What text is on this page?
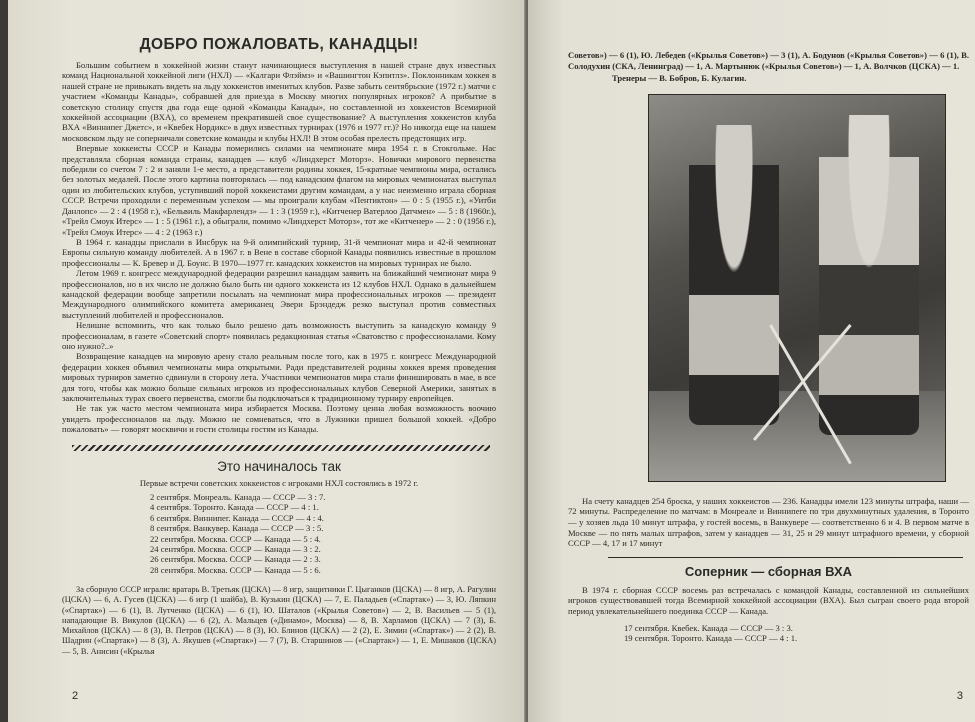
ДОБРО ПОЖАЛОВАТЬ, КАНАДЦЫ!

Большим событием в хоккейной жизни станут начинающиеся выступления в нашей стране двух известных команд Национальной хоккейной лиги (НХЛ) — «Калгари Флэймз» и «Вашингтон Кэпитлз». Поклонникам хоккея в нашей стране не привыкать видеть на льду хоккеистов именитых клубов. Разве забыть сентябрьские (1972 г.) матчи с участием «Команды Канады», собравшей для приезда в Москву многих популярных игроков? А прибытие в советскую столицу спустя два года еще одной «Команды Канады», но составленной из хоккеистов Всемирной хоккейной ассоциации (ВХА), со временем прекратившей свое существование? А выступления хоккеистов клуба ВХА «Виннипег Джетс», и «Квебек Нордикс» в двух известных турнирах (1976 и 1977 гг.)? Но никогда еще на нашем московском льду не соперничали советские команды и клубы НХЛ! В этом особая прелесть предстоящих игр.

Впервые хоккеисты СССР и Канады померились силами на чемпионате мира 1954 г. в Стокгольме. Нас представляла сборная команда страны, канадцев — клуб «Линдхерст Моторз». Новички мирового первенства победили со счетом 7 : 2 и заняли 1-е место, а представители родины хоккея, 15-кратные чемпионы мира, остались без золотых медалей. После этого картина повторялась — под канадским флагом на мировых чемпионатах выступал один из любительских клубов, уступивший порой хоккеистами другим командам, а у нас неизменно играла сборная СССР. Встречи проходили с переменным успехом — мы проиграли клубам «Пентиктон» — 0 : 5 (1955 г.), «Уитби Данлопс» — 2 : 4 (1958 г.), «Бельвиль Макфарлендз» — 1 : 3 (1959 г.), «Китченер Ватерлоо Датчмен» — 5 : 8 (1960г.), «Трейл Смоук Итерс» — 1 : 5 (1961 г.), а обыграли, помимо «Линдхерст Моторз», тот же «Китченер» — 2 : 0 (1956 г.), «Трейл Смоук Итерс» — 4 : 2 (1963 г.)

В 1964 г. канадцы прислали в Инсбрук на 9-й олимпийский турнир, 31-й чемпионат мира и 42-й чемпионат Европы сильную команду любителей. А в 1967 г. в Вене в составе сборной Канады появились известные в прошлом профессионалы — К. Бревер и Д. Боунс. В 1970—1977 гг. канадских хоккеистов на мировых турнирах не было.

Летом 1969 г. конгресс международной федерации разрешил канадцам заявить на ближайший чемпионат мира 9 профессионалов, но в их число не должно было быть ни одного хоккеиста из 12 клубов НХЛ. Однако в дальнейшем канадской федерации вообще запретили посылать на чемпионат мира профессиональных игроков — президент Международного олимпийского комитета американец Эвери Брэндедж резко выступал против совместных выступлений любителей и профессионалов.

Нелишне вспомнить, что как только было решено дать возможность выступить за канадскую команду 9 профессионалам, в газете «Советский спорт» появилась редакционная статья «Сватовство с профессионалами. Кому оно нужно?..»

Возвращение канадцев на мировую арену стало реальным после того, как в 1975 г. конгресс Международной федерации хоккея объявил чемпионаты мира открытыми. Ради представителей родины хоккея время проведения мировых турниров заметно сдвинули в сторону лета. Участники чемпионатов мира стали финишировать в мае, в все для того, чтобы как можно больше сильных игроков из профессиональных клубов Северной Америки, занятых в заключительных турах своего первенства, смогли бы подключаться к традиционному турниру европейцев.

Не так уж часто местом чемпионата мира избирается Москва. Поэтому ценна любая возможность воочию увидеть профессионалов на льду. Можно не сомневаться, что в Лужники пришел большой хоккей. «Добро пожаловать» — говорят москвичи и гости столицы гостям из Канады.

Это начиналось так

Первые встречи советских хоккеистов с игроками НХЛ состоялись в 1972 г.

2 сентября. Монреаль. Канада — СССР — 3 : 7.
4 сентября. Торонто. Канада — СССР — 4 : 1.
6 сентября. Виннипег. Канада — СССР — 4 : 4.
8 сентября. Ванкувер. Канада — СССР — 3 : 5.
22 сентября. Москва. СССР — Канада — 5 : 4.
24 сентября. Москва. СССР — Канада — 3 : 2.
26 сентября. Москва. СССР — Канада — 2 : 3.
28 сентября. Москва. СССР — Канада — 5 : 6.

За сборную СССР играли: вратарь В. Третьяк (ЦСКА) — 8 игр, защитники Г. Цыганков (ЦСКА) — 8 игр, А. Рагулин (ЦСКА) — 6, А. Гусев (ЦСКА) — 6 игр (1 шайба), В. Кузькин (ЦСКА) — 7, Е. Паладьев («Спартак») — 3, Ю. Ляпкин («Спартак») — 6 (1), В. Лутченко (ЦСКА) — 6 (1), Ю. Шаталов («Крылья Советов») — 2, В. Васильев — 5 (1), нападающие В. Викулов (ЦСКА) — 6 (2), А. Мальцев («Динамо», Москва) — 8, В. Харламов (ЦСКА) — 7 (3), Б. Михайлов (ЦСКА) — 8 (3), В. Петров (ЦСКА) — 8 (3), Ю. Блинов (ЦСКА) — 2 (2), Е. Зимин («Спартак») — 2 (2), В. Шадрин («Спартак») — 8 (3), А. Якушев («Спартак») — 7 (7), В. Старшинов — («Спартак») — 1, Е. Мишаков (ЦСКА) — 5, В. Анисин («Крылья

2

Советов») — 6 (1), Ю. Лебедев («Крылья Советов») — 3 (1), А. Бодунов («Крылья Советов») — 6 (1), В. Солодухин (СКА, Ленинград) — 1, А. Мартынюк («Крылья Советов») — 1, А. Волчков (ЦСКА) — 1.

Тренеры — В. Бобров, Б. Кулагин.

На счету канадцев 254 броска, у наших хоккеистов — 236. Канадцы имели 123 минуты штрафа, наши — 72 минуты. Распределение по матчам: в Монреале и Виннипеге по три двухминутных удаления, в Торонто — у хозяев льда 10 минут штрафа, у гостей восемь, в Ванкувере — соответственно 6 и 4. В первом матче в Москве — по пять малых штрафов, затем у канадцев — 31, 25 и 29 минут штрафного времени, у сборной СССР — 4, 17 и 17 минут

Соперник — сборная ВХА

В 1974 г. сборная СССР восемь раз встречалась с командой Канады, составленной из сильнейших игроков существовавшей тогда Всемирной хоккейной ассоциации (ВХА). Был сыгран своего рода второй период увлекательнейшего поединка СССР — Канада.

17 сентября. Квебек. Канада — СССР — 3 : 3.
19 сентября. Торонто. Канада — СССР — 4 : 1.
3
